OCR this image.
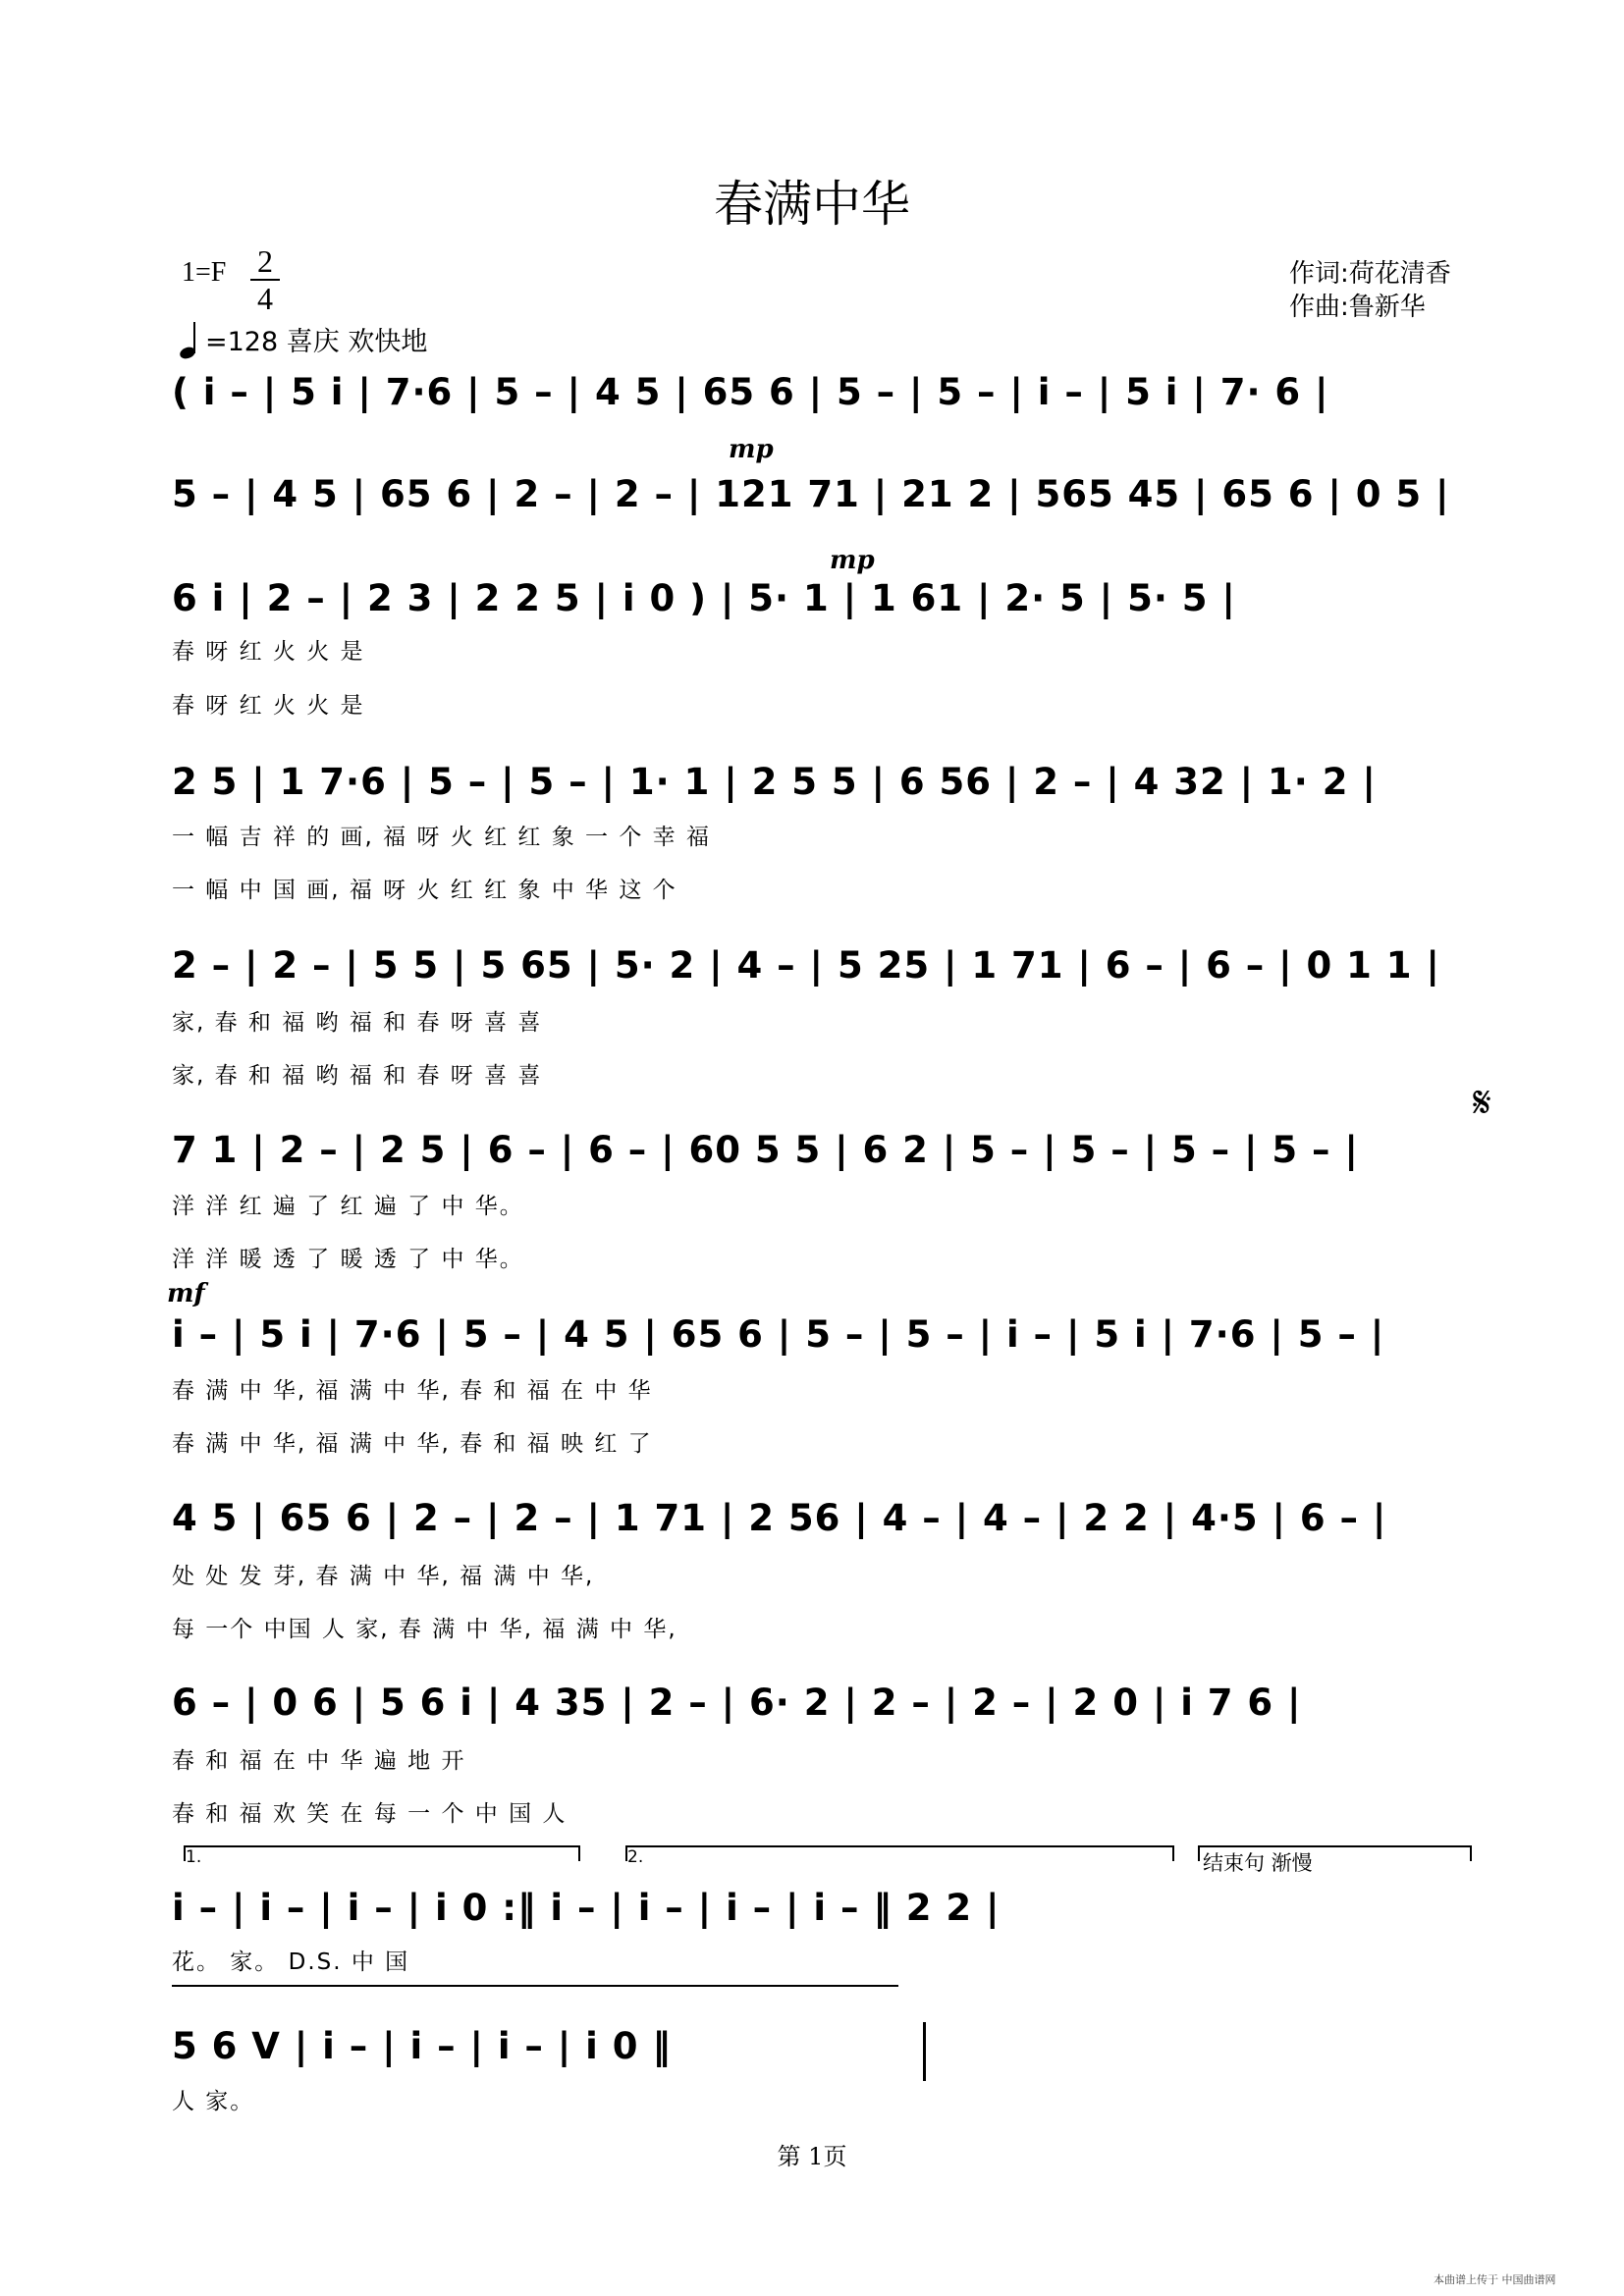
春满中华
1=F 2
4
=128 喜庆 欢快地
作词:荷花清香
作曲:鲁新华
mp
mp
mf
( i – | 5 i | 7·6 | 5 – | 4 5 | 65 6 | 5 – | 5 – | i – | 5 i | 7· 6 |
5 – | 4 5 | 65 6 | 2 – | 2 – | 121 71 | 21 2 | 565 45 | 65 6 | 0 5 |
6 i | 2 – | 2 3 | 2 2 5 | i 0 ) | 5· 1 | 1 61 | 2· 5 | 5· 5 |
春 呀 红 火 火 是
春 呀 红 火 火 是
2 5 | 1 7·6 | 5 – | 5 – | 1· 1 | 2 5 5 | 6 56 | 2 – | 4 32 | 1· 2 |
一 幅 吉 祥 的 画, 福 呀 火 红 红 象 一 个 幸 福
一 幅 中 国 画, 福 呀 火 红 红 象 中 华 这 个
2 – | 2 – | 5 5 | 5 65 | 5· 2 | 4 – | 5 25 | 1 71 | 6 – | 6 – | 0 1 1 |
家, 春 和 福 哟 福 和 春 呀 喜 喜
家, 春 和 福 哟 福 和 春 呀 喜 喜
𝄋
7 1 | 2 – | 2 5 | 6 – | 6 – | 60 5 5 | 6 2 | 5 – | 5 – | 5 – | 5 – |
洋 洋 红 遍 了 红 遍 了 中 华。
洋 洋 暖 透 了 暖 透 了 中 华。
i – | 5 i | 7·6 | 5 – | 4 5 | 65 6 | 5 – | 5 – | i – | 5 i | 7·6 | 5 – |
春 满 中 华, 福 满 中 华, 春 和 福 在 中 华
春 满 中 华, 福 满 中 华, 春 和 福 映 红 了
4 5 | 65 6 | 2 – | 2 – | 1 71 | 2 56 | 4 – | 4 – | 2 2 | 4·5 | 6 – |
处 处 发 芽, 春 满 中 华, 福 满 中 华,
每 一个 中国 人 家, 春 满 中 华, 福 满 中 华,
6 – | 0 6 | 5 6 i | 4 35 | 2 – | 6· 2 | 2 – | 2 – | 2 0 | i 7 6 |
春 和 福 在 中 华 遍 地 开
春 和 福 欢 笑 在 每 一 个 中 国 人
1.	2.	结束句 渐慢
i – | i – | i – | i 0 :‖ i – | i – | i – | i – ‖ 2 2 |
花。 家。 D.S. 中 国
5 6 V | i – | i – | i – | i 0 ‖
人 家。
第 1页
本曲谱上传于 中国曲谱网
